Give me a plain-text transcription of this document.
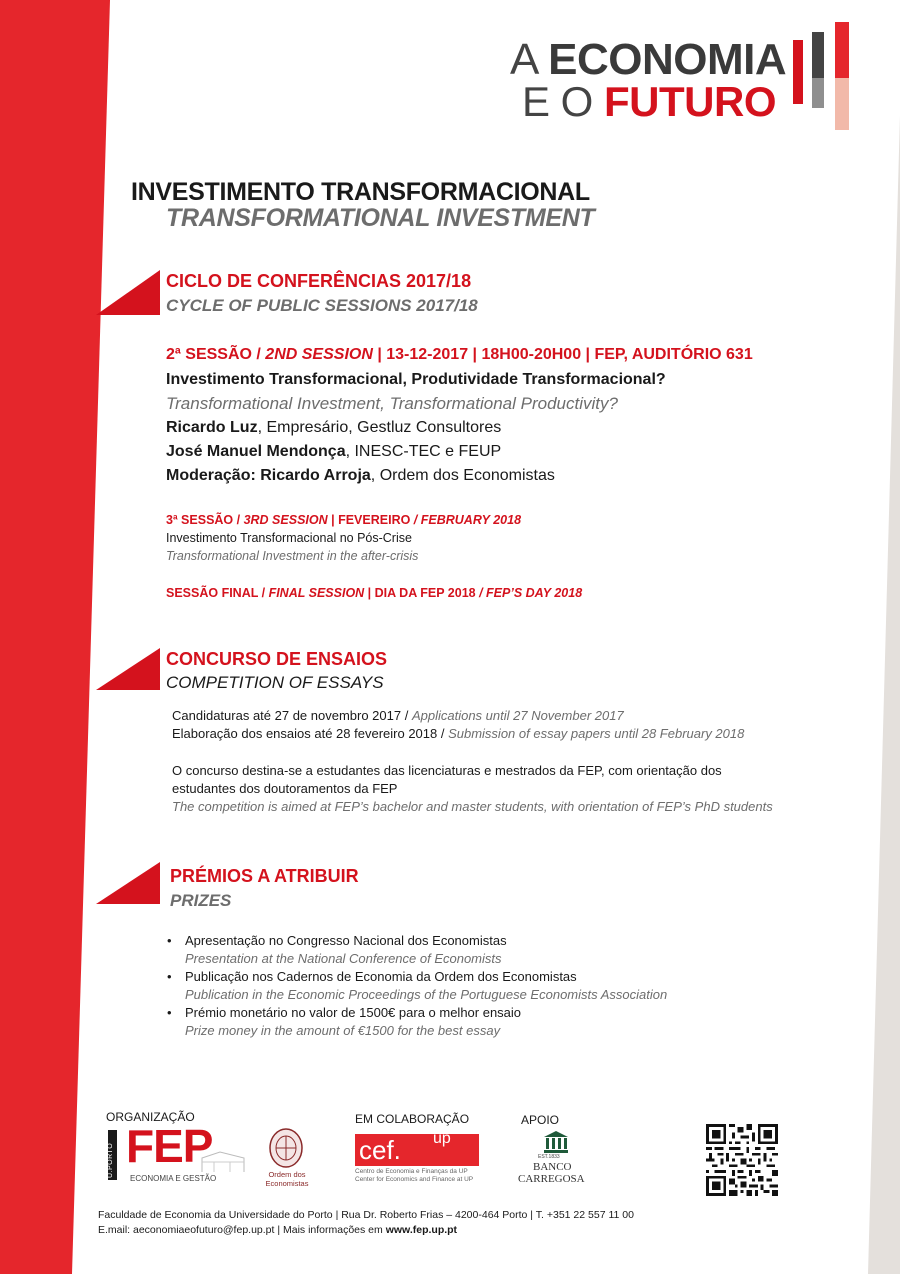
A ECONOMIA
E O FUTURO
INVESTIMENTO TRANSFORMACIONAL
TRANSFORMATIONAL INVESTMENT
CICLO DE CONFERÊNCIAS 2017/18
CYCLE OF PUBLIC SESSIONS 2017/18
2ª SESSÃO / 2ND SESSION | 13-12-2017 | 18H00-20H00 | FEP, AUDITÓRIO 631
Investimento Transformacional, Produtividade Transformacional?
Transformational Investment, Transformational Productivity?
Ricardo Luz, Empresário, Gestluz Consultores
José Manuel Mendonça, INESC-TEC e FEUP
Moderação: Ricardo Arroja, Ordem dos Economistas
3ª SESSÃO / 3RD SESSION | FEVEREIRO / FEBRUARY 2018
Investimento Transformacional no Pós-Crise
Transformational Investment in the after-crisis
SESSÃO FINAL / FINAL SESSION | DIA DA FEP 2018 / FEP’S DAY 2018
CONCURSO DE ENSAIOS
COMPETITION OF ESSAYS
Candidaturas até 27 de novembro 2017 / Applications until 27 November 2017
Elaboração dos ensaios até 28 fevereiro 2018 / Submission of essay papers until 28 February 2018
O concurso destina-se a estudantes das licenciaturas e mestrados da FEP, com orientação dos
estudantes dos doutoramentos da FEP
The competition is aimed at FEP’s bachelor and master students, with orientation of FEP’s PhD students
PRÉMIOS A ATRIBUIR
PRIZES
• Apresentação no Congresso Nacional dos Economistas
Presentation at the National Conference of Economists
• Publicação nos Cadernos de Economia da Ordem dos Economistas
Publication in the Economic Proceedings of the Portuguese Economists Association
• Prémio monetário no valor de 1500€ para o melhor ensaio
Prize money in the amount of €1500 for the best essay
ORGANIZAÇÃO	EM COLABORAÇÃO	APOIO
U.PORTO FEP
ECONOMIA E GESTÃO	Ordem dos Economistas
cef. up
Centro de Economia e Finanças da UP
Center for Economics and Finance at UP
EST.1833
BANCO
CARREGOSA
Faculdade de Economia da Universidade do Porto | Rua Dr. Roberto Frias – 4200-464 Porto | T. +351 22 557 11 00
E.mail: aeconomiaeofuturo@fep.up.pt | Mais informações em www.fep.up.pt
